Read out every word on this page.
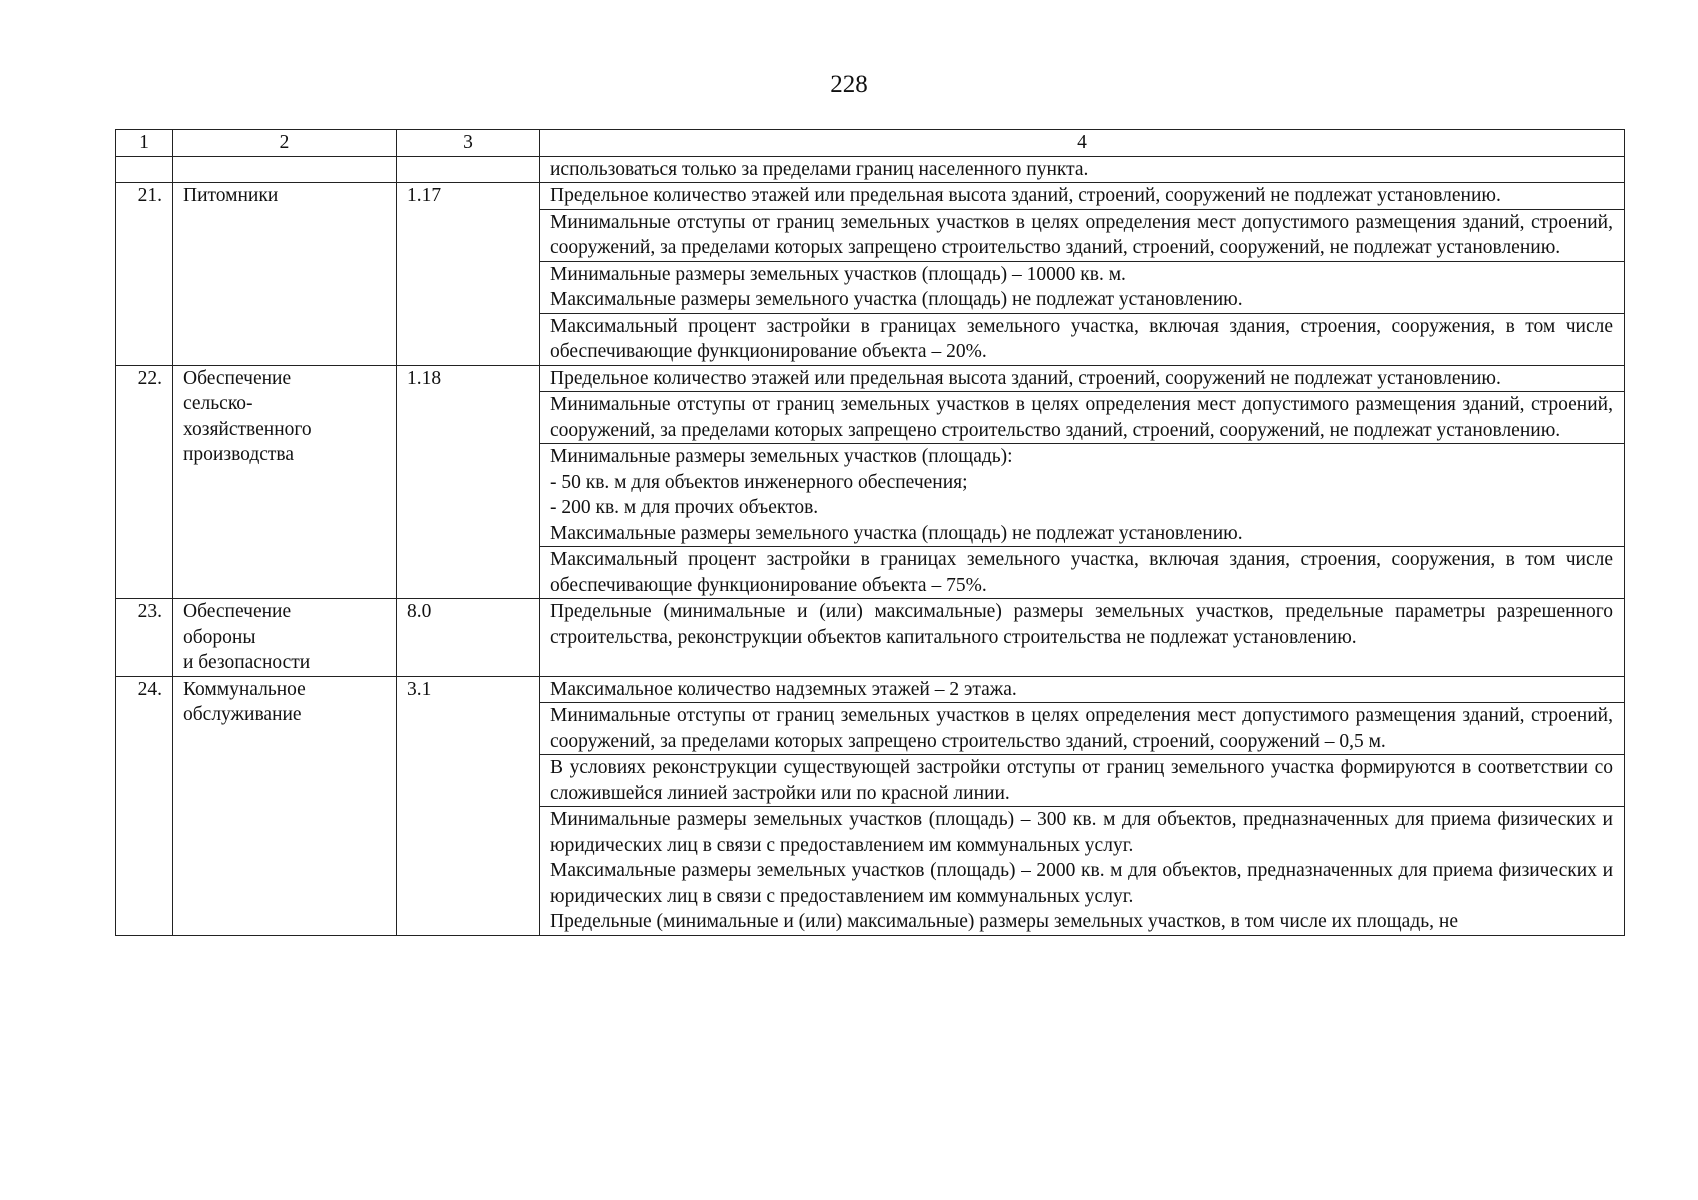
228
1	2	3	4
			использоваться только за пределами границ населенного пункта.
21.	Питомники	1.17	Предельное количество этажей или предельная высота зданий, строений, сооружений не подлежат установлению.

			Минимальные отступы от границ земельных участков в целях определения мест допустимого размещения зданий, строений, сооружений, за пределами которых запрещено строительство зданий, строений, сооружений, не подлежат установлению.

			Минимальные размеры земельных участков (площадь) – 10000 кв. м.
Максимальные размеры земельного участка (площадь) не подлежат установлению.

			Максимальный процент застройки в границах земельного участка, включая здания, строения, сооружения, в том числе обеспечивающие функционирование объекта – 20%.

22.	Обеспечение
сельско-
хозяйственного
производства	1.18	Предельное количество этажей или предельная высота зданий, строений, сооружений не подлежат установлению.

			Минимальные отступы от границ земельных участков в целях определения мест допустимого размещения зданий, строений, сооружений, за пределами которых запрещено строительство зданий, строений, сооружений, не подлежат установлению.

			Минимальные размеры земельных участков (площадь):
- 50 кв. м для объектов инженерного обеспечения;
- 200 кв. м для прочих объектов.
Максимальные размеры земельного участка (площадь) не подлежат установлению.

			Максимальный процент застройки в границах земельного участка, включая здания, строения, сооружения, в том числе обеспечивающие функционирование объекта – 75%.

23.	Обеспечение
обороны
и безопасности	8.0	Предельные (минимальные и (или) максимальные) размеры земельных участков, предельные параметры разрешенного строительства, реконструкции объектов капитального строительства не подлежат установлению.

24.	Коммунальное
обслуживание	3.1	Максимальное количество надземных этажей – 2 этажа.

			Минимальные отступы от границ земельных участков в целях определения мест допустимого размещения зданий, строений, сооружений, за пределами которых запрещено строительство зданий, строений, сооружений – 0,5 м.

			В условиях реконструкции существующей застройки отступы от границ земельного участка формируются в соответствии со сложившейся линией застройки или по красной линии.

			Минимальные размеры земельных участков (площадь) – 300 кв. м для объектов, предназначенных для приема физических и юридических лиц в связи с предоставлением им коммунальных услуг.
Максимальные размеры земельных участков (площадь) – 2000 кв. м для объектов, предназначенных для приема физических и юридических лиц в связи с предоставлением им коммунальных услуг.
Предельные (минимальные и (или) максимальные) размеры земельных участков, в том числе их площадь, не
